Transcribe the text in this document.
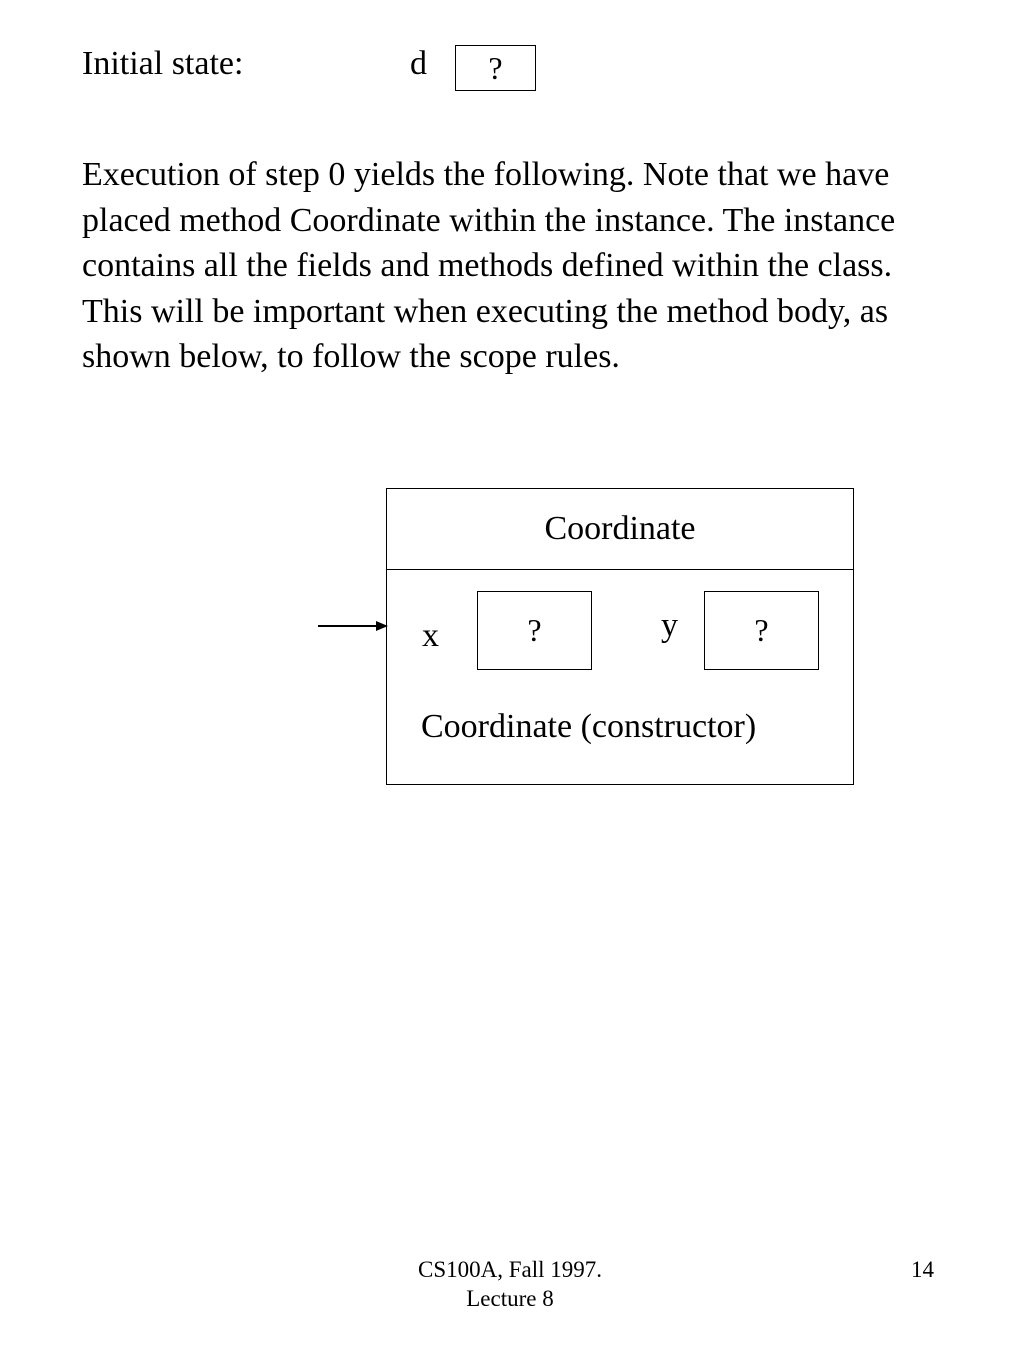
Initial state:	d ?

Execution of step 0 yields the following. Note that we have placed method Coordinate within the instance. The instance contains all the fields and methods defined within the class. This will be important when executing the method body, as shown below, to follow the scope rules.

Coordinate
x	?	y ?
Coordinate (constructor)
CS100A, Fall 1997.
Lecture 8
14
